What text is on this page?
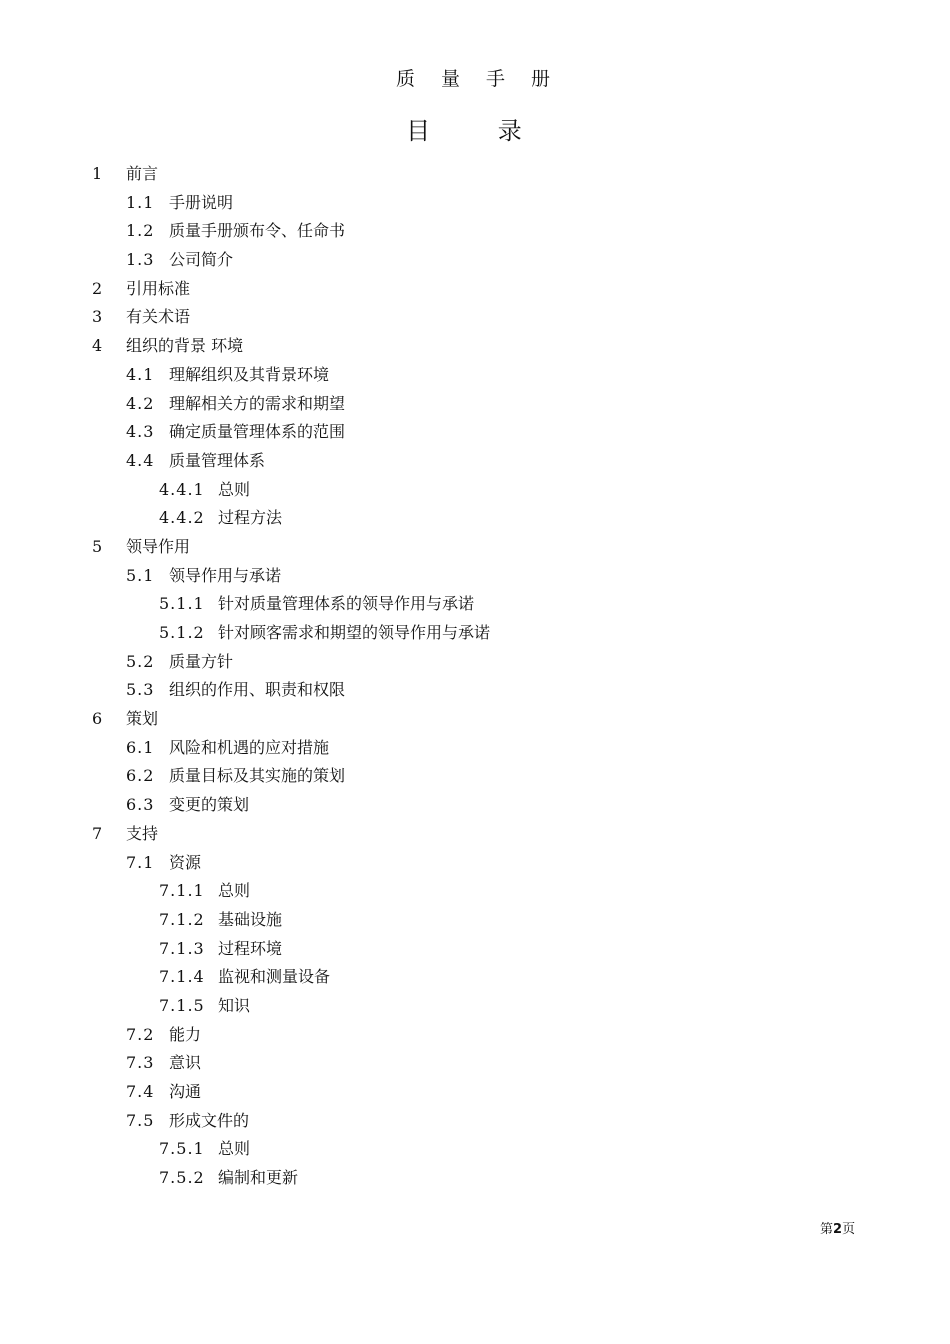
质 量 手 册
目 录
1 前言
1.1 手册说明
1.2 质量手册颁布令、任命书
1.3 公司简介
2 引用标准
3 有关术语
4 组织的背景 环境
4.1 理解组织及其背景环境
4.2 理解相关方的需求和期望
4.3 确定质量管理体系的范围
4.4 质量管理体系
4.4.1 总则
4.4.2 过程方法
5 领导作用
5.1 领导作用与承诺
5.1.1 针对质量管理体系的领导作用与承诺
5.1.2 针对顾客需求和期望的领导作用与承诺
5.2 质量方针
5.3 组织的作用、职责和权限
6 策划
6.1 风险和机遇的应对措施
6.2 质量目标及其实施的策划
6.3 变更的策划
7 支持
7.1 资源
7.1.1 总则
7.1.2 基础设施
7.1.3 过程环境
7.1.4 监视和测量设备
7.1.5 知识
7.2 能力
7.3 意识
7.4 沟通
7.5 形成文件的
7.5.1 总则
7.5.2 编制和更新
第2页
